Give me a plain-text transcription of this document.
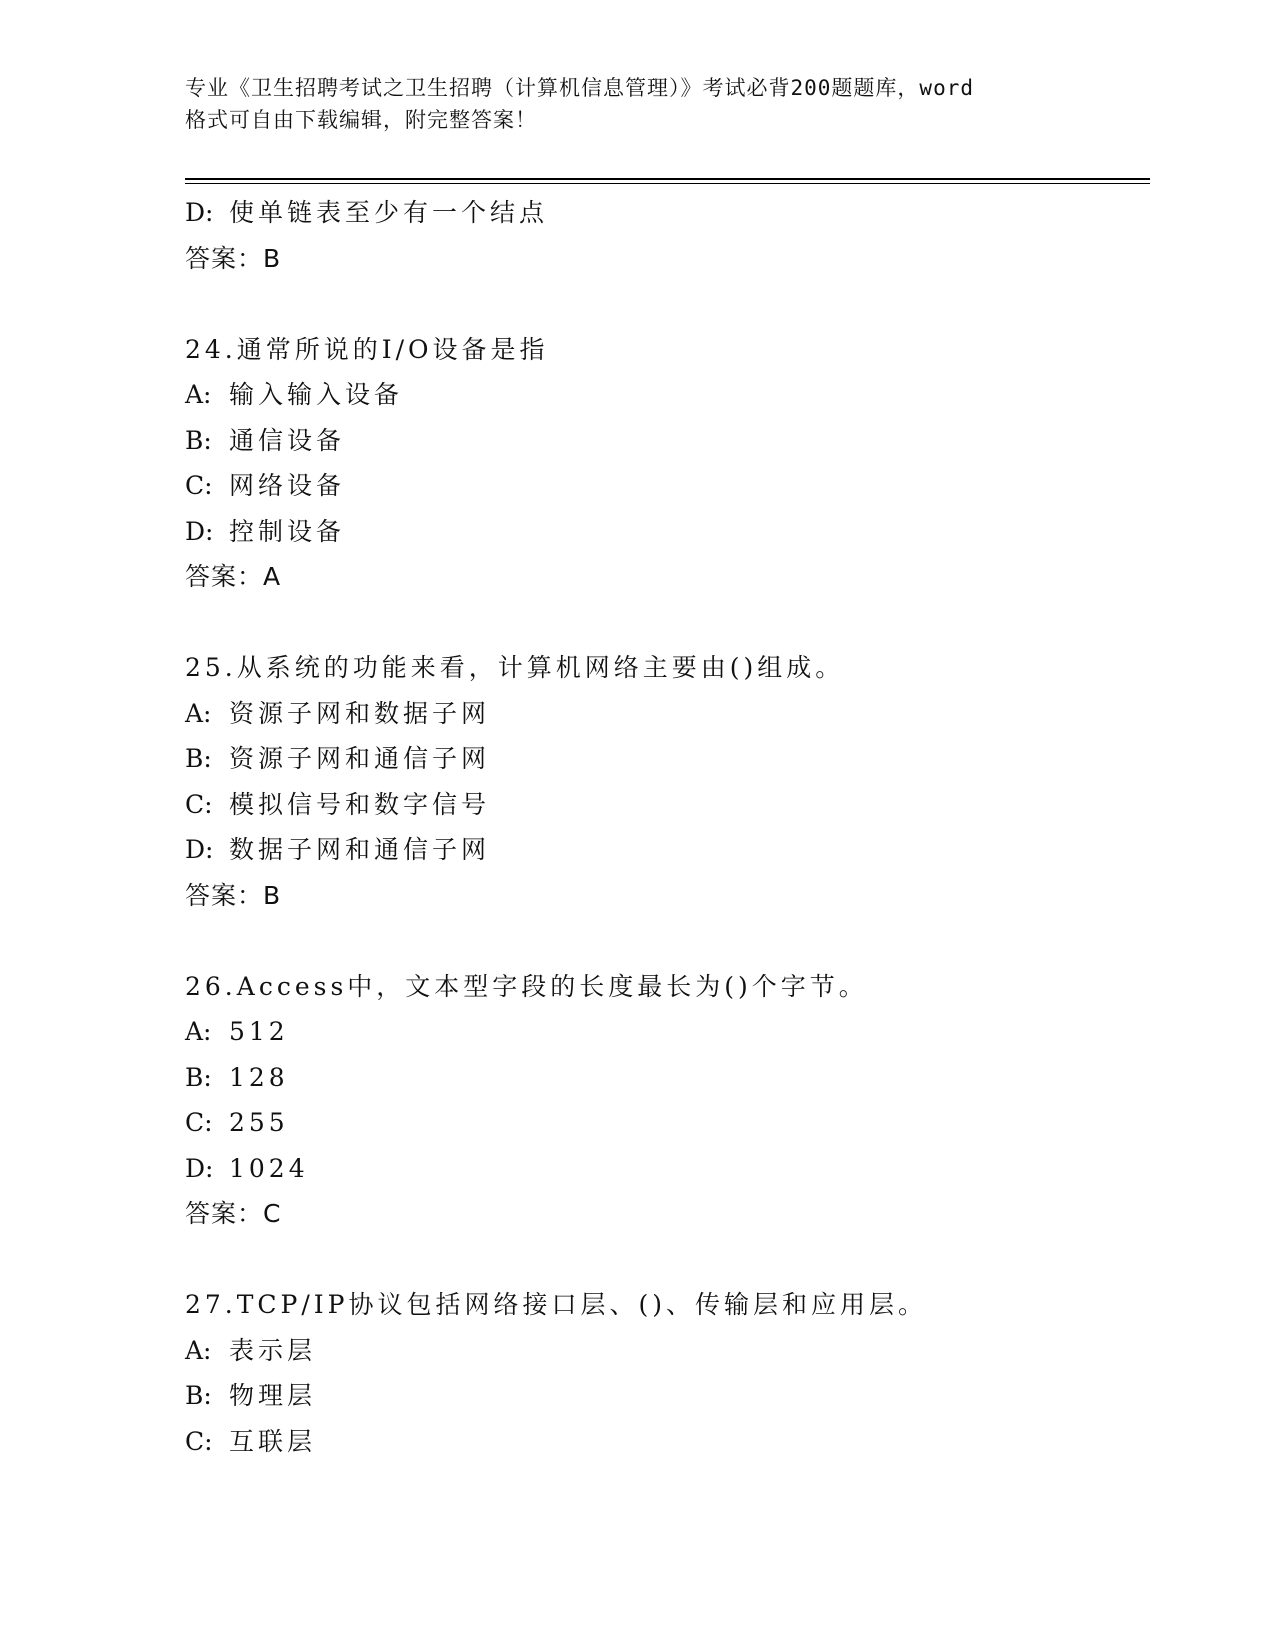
专业《卫生招聘考试之卫生招聘（计算机信息管理）》考试必背200题题库，word
格式可自由下载编辑，附完整答案！
D: 使单链表至少有一个结点
答案：B
24.通常所说的I/O设备是指
A: 输入输入设备
B: 通信设备
C: 网络设备
D: 控制设备
答案：A
25.从系统的功能来看，计算机网络主要由()组成。
A: 资源子网和数据子网
B: 资源子网和通信子网
C: 模拟信号和数字信号
D: 数据子网和通信子网
答案：B
26.Access中，文本型字段的长度最长为()个字节。
A: 512
B: 128
C: 255
D: 1024
答案：C
27.TCP/IP协议包括网络接口层、()、传输层和应用层。
A: 表示层
B: 物理层
C: 互联层
